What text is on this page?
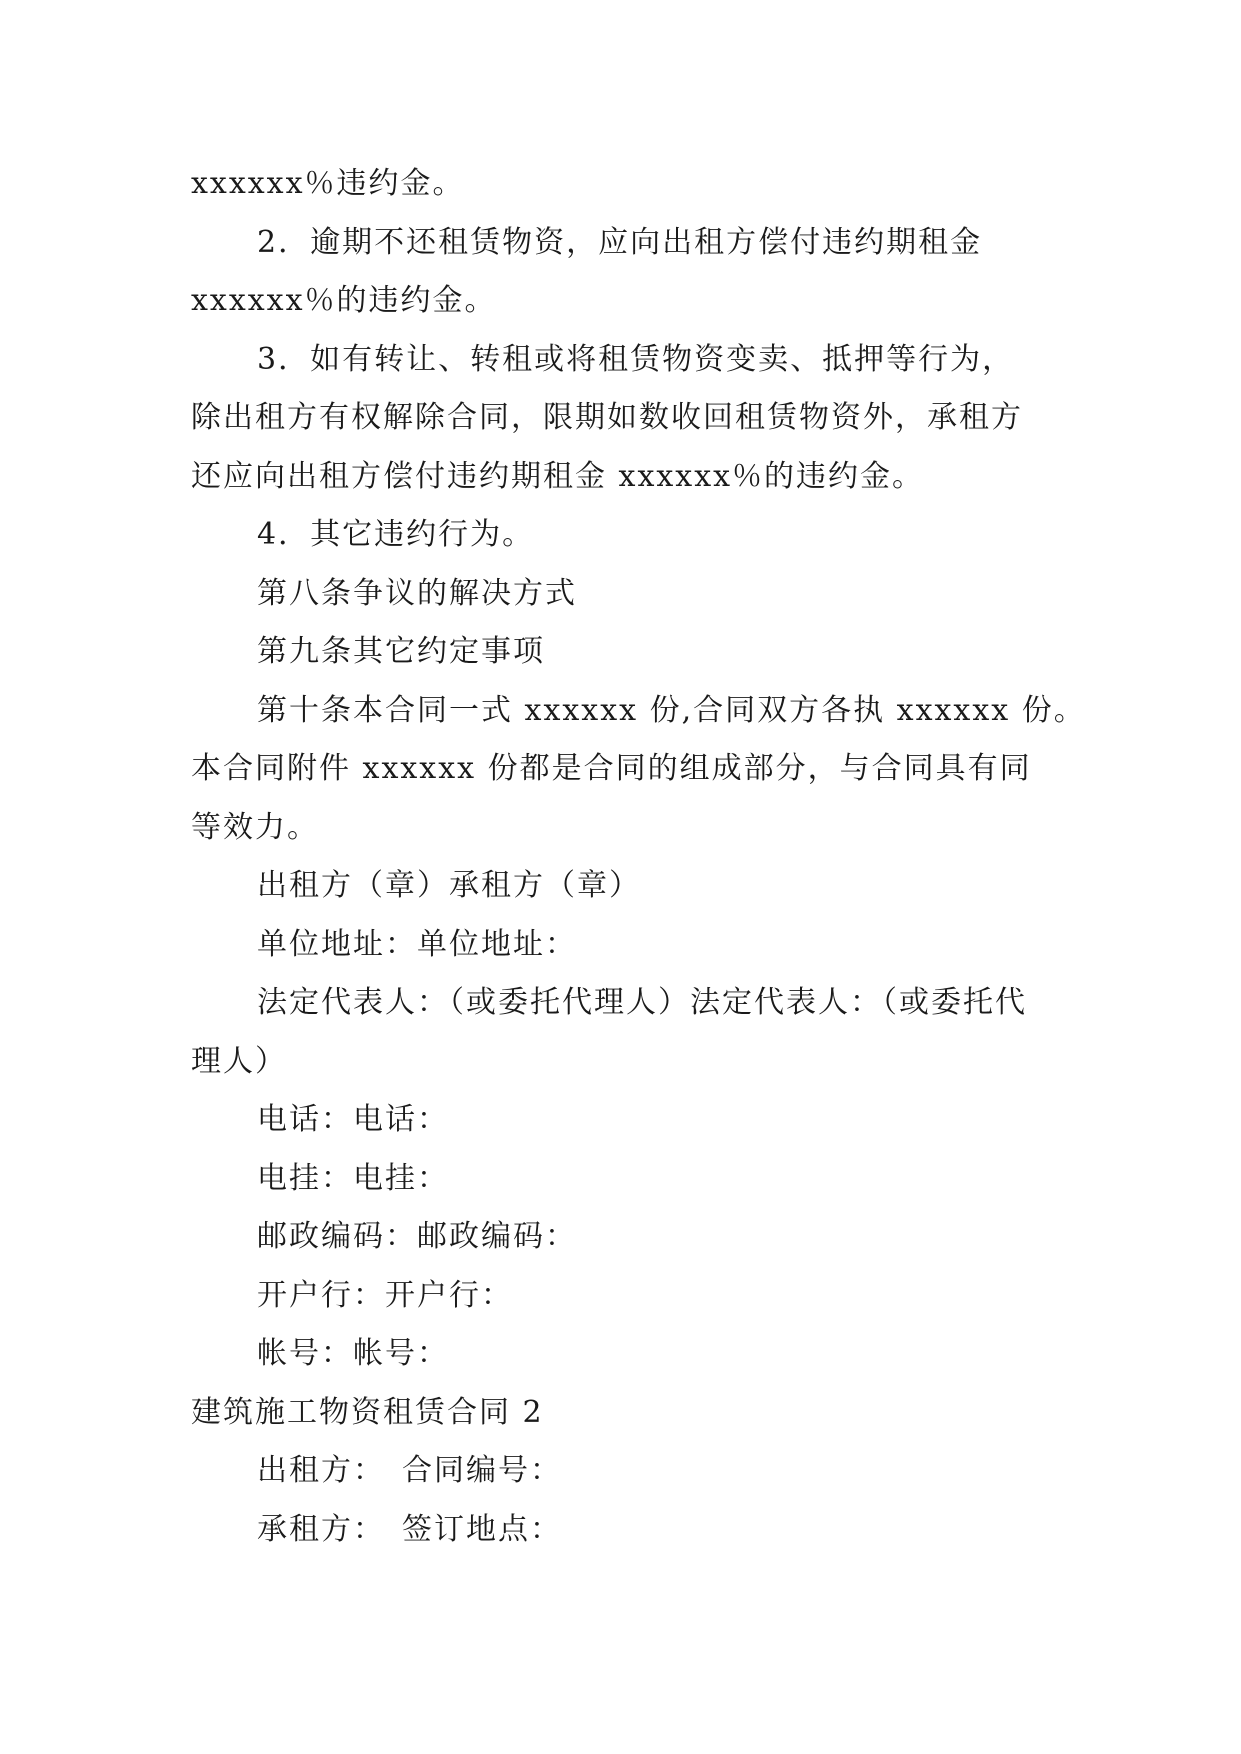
xxxxxx％违约金。
2．逾期不还租赁物资，应向出租方偿付违约期租金
xxxxxx％的违约金。
3．如有转让、转租或将租赁物资变卖、抵押等行为，
除出租方有权解除合同，限期如数收回租赁物资外，承租方
还应向出租方偿付违约期租金 xxxxxx％的违约金。
4．其它违约行为。
第八条争议的解决方式
第九条其它约定事项
第十条本合同一式 xxxxxx 份,合同双方各执 xxxxxx 份。
本合同附件 xxxxxx 份都是合同的组成部分，与合同具有同
等效力。
出租方（章）承租方（章）
单位地址：单位地址：
法定代表人：（或委托代理人）法定代表人：（或委托代
理人）
电话：电话：
电挂：电挂：
邮政编码：邮政编码：
开户行：开户行：
帐号：帐号：
建筑施工物资租赁合同 2
出租方：　合同编号：
承租方：　签订地点：
